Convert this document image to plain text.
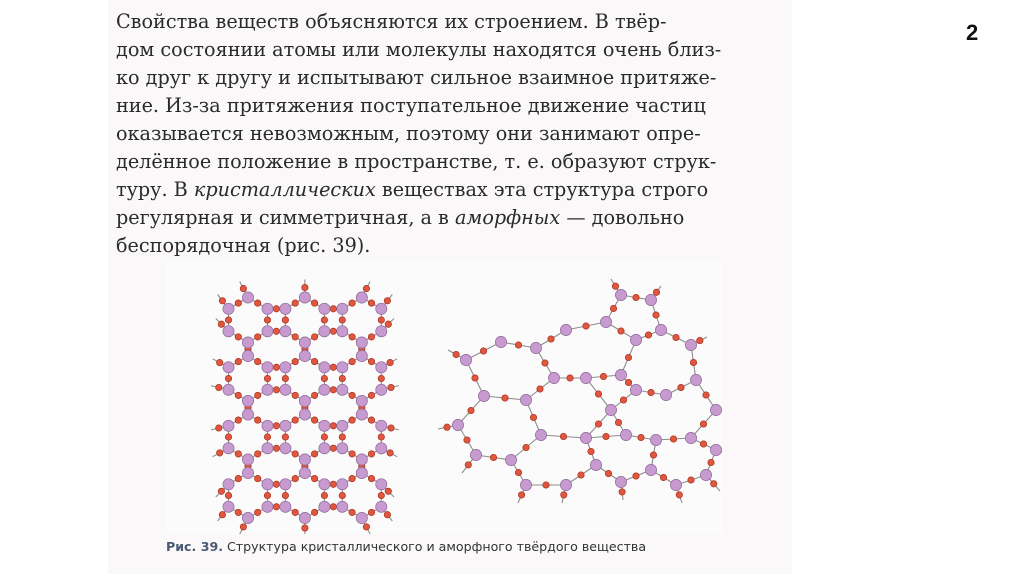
2
Свойства веществ объясняются их строением. В твёр-
дом состоянии атомы или молекулы находятся очень близ-
ко друг к другу и испытывают сильное взаимное притяже-
ние. Из-за притяжения поступательное движение частиц
оказывается невозможным, поэтому они занимают опре-
делённое положение в пространстве, т. е. образуют струк-
туру. В кристаллических веществах эта структура строго
регулярная и симметричная, а в аморфных — довольно
беспорядочная (рис. 39).
Рис. 39. Структура кристаллического и аморфного твёрдого вещества
